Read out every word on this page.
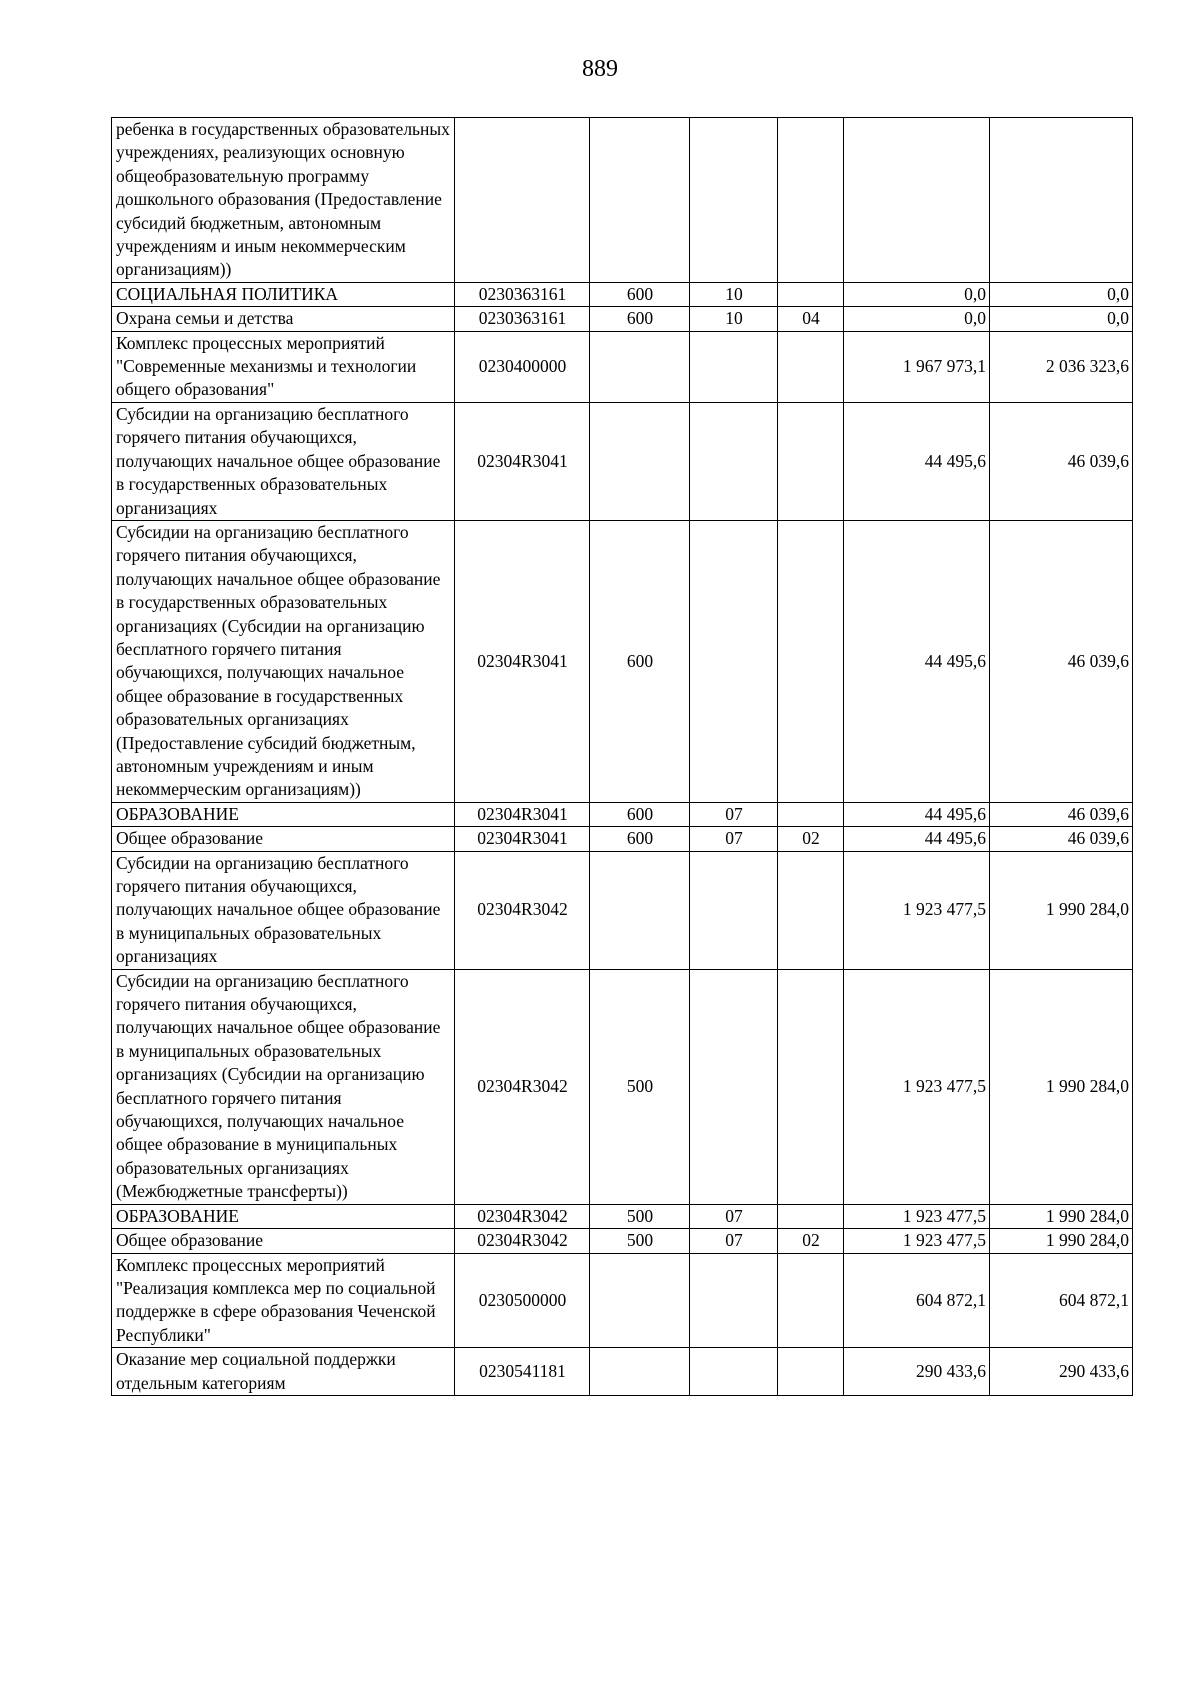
889
ребенка в государственных образовательных учреждениях, реализующих основную общеобразовательную программу дошкольного образования (Предоставление субсидий бюджетным, автономным учреждениям и иным некоммерческим организациям))						
СОЦИАЛЬНАЯ ПОЛИТИКА	0230363161	600	10		0,0	0,0
Охрана семьи и детства	0230363161	600	10	04	0,0	0,0
Комплекс процессных мероприятий "Современные механизмы и технологии общего образования"	0230400000				1 967 973,1	2 036 323,6
Субсидии на организацию бесплатного горячего питания обучающихся, получающих начальное общее образование в государственных образовательных организациях	02304R3041				44 495,6	46 039,6
Субсидии на организацию бесплатного горячего питания обучающихся, получающих начальное общее образование в государственных образовательных организациях (Субсидии на организацию бесплатного горячего питания обучающихся, получающих начальное общее образование в государственных образовательных организациях (Предоставление субсидий бюджетным, автономным учреждениям и иным некоммерческим организациям))	02304R3041	600			44 495,6	46 039,6
ОБРАЗОВАНИЕ	02304R3041	600	07		44 495,6	46 039,6
Общее образование	02304R3041	600	07	02	44 495,6	46 039,6
Субсидии на организацию бесплатного горячего питания обучающихся, получающих начальное общее образование в муниципальных образовательных организациях	02304R3042				1 923 477,5	1 990 284,0
Субсидии на организацию бесплатного горячего питания обучающихся, получающих начальное общее образование в муниципальных образовательных организациях (Субсидии на организацию бесплатного горячего питания обучающихся, получающих начальное общее образование в муниципальных образовательных организациях (Межбюджетные трансферты))	02304R3042	500			1 923 477,5	1 990 284,0
ОБРАЗОВАНИЕ	02304R3042	500	07		1 923 477,5	1 990 284,0
Общее образование	02304R3042	500	07	02	1 923 477,5	1 990 284,0
Комплекс процессных мероприятий "Реализация комплекса мер по социальной поддержке в сфере образования Чеченской Республики"	0230500000				604 872,1	604 872,1
Оказание мер социальной поддержки отдельным категориям	0230541181				290 433,6	290 433,6
